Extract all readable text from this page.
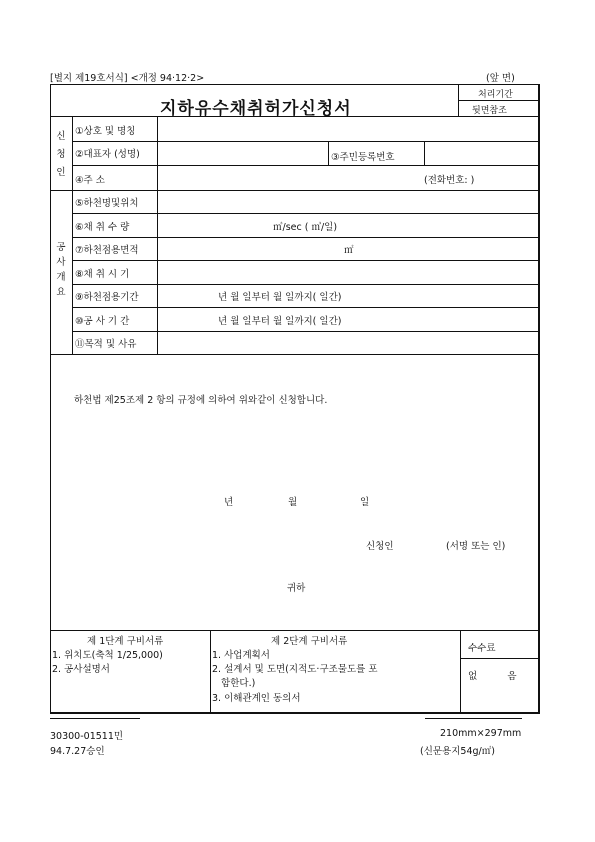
[별지 제19호서식] <개정 94·12·2>	(앞 면)
지하유수채취허가신청서
처리기간
뒷면참조
신
청
인
①상호 및 명칭
②대표자 (성명)	③주민등록번호
④주 소	(전화번호: )
공
사
개
요
⑤하천명및위치
⑥채 취 수 량	㎥/sec ( ㎥/일)
⑦하천점용면적	㎡
⑧채 취 시 기
⑨하천점용기간	년 월 일부터 월 일까지( 일간)
⑩공 사 기 간	년 월 일부터 월 일까지( 일간)
⑪목적 및 사유
하천법 제25조제 2 항의 규정에 의하여 위와같이 신청합니다.
년	월	일
신청인	(서명 또는 인)
귀하
제 1단계 구비서류
1. 위치도(축척 1/25,000)
2. 공사설명서
제 2단계 구비서류
1. 사업계획서
2. 설계서 및 도면(지적도·구조물도를 포
함한다.)
3. 이해관계인 동의서
수수료
없          음
30300-01511민
94.7.27승인
210mm×297mm
(신문용지54g/㎡)
